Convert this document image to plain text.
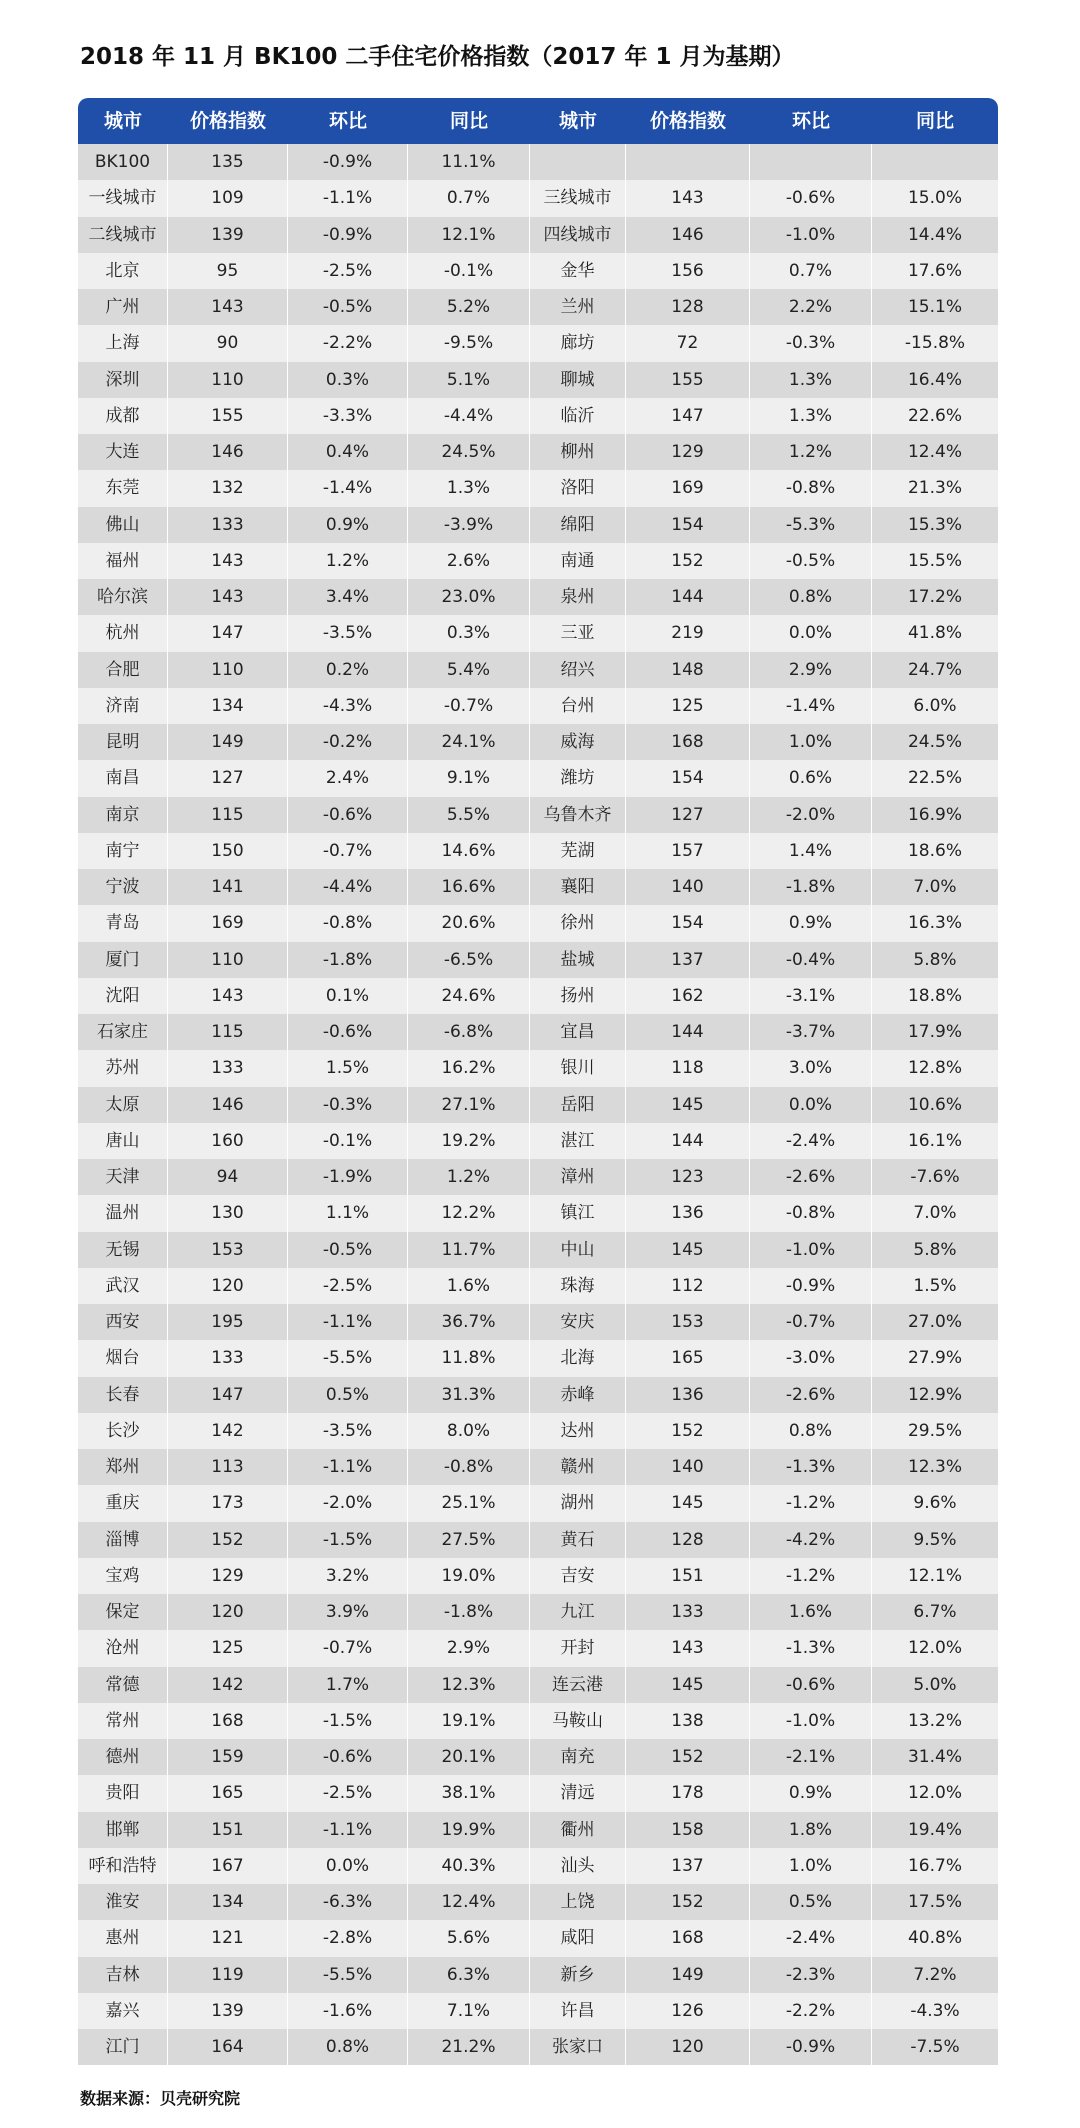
2018 年 11 月 BK100 二手住宅价格指数（2017 年 1 月为基期）
城市	价格指数	环比	同比	城市	价格指数	环比	同比
BK100	135	-0.9%	11.1%
一线城市	109	-1.1%	0.7%	三线城市	143	-0.6%	15.0%
二线城市	139	-0.9%	12.1%	四线城市	146	-1.0%	14.4%
北京	95	-2.5%	-0.1%	金华	156	0.7%	17.6%
广州	143	-0.5%	5.2%	兰州	128	2.2%	15.1%
上海	90	-2.2%	-9.5%	廊坊	72	-0.3%	-15.8%
深圳	110	0.3%	5.1%	聊城	155	1.3%	16.4%
成都	155	-3.3%	-4.4%	临沂	147	1.3%	22.6%
大连	146	0.4%	24.5%	柳州	129	1.2%	12.4%
东莞	132	-1.4%	1.3%	洛阳	169	-0.8%	21.3%
佛山	133	0.9%	-3.9%	绵阳	154	-5.3%	15.3%
福州	143	1.2%	2.6%	南通	152	-0.5%	15.5%
哈尔滨	143	3.4%	23.0%	泉州	144	0.8%	17.2%
杭州	147	-3.5%	0.3%	三亚	219	0.0%	41.8%
合肥	110	0.2%	5.4%	绍兴	148	2.9%	24.7%
济南	134	-4.3%	-0.7%	台州	125	-1.4%	6.0%
昆明	149	-0.2%	24.1%	威海	168	1.0%	24.5%
南昌	127	2.4%	9.1%	潍坊	154	0.6%	22.5%
南京	115	-0.6%	5.5%	乌鲁木齐	127	-2.0%	16.9%
南宁	150	-0.7%	14.6%	芜湖	157	1.4%	18.6%
宁波	141	-4.4%	16.6%	襄阳	140	-1.8%	7.0%
青岛	169	-0.8%	20.6%	徐州	154	0.9%	16.3%
厦门	110	-1.8%	-6.5%	盐城	137	-0.4%	5.8%
沈阳	143	0.1%	24.6%	扬州	162	-3.1%	18.8%
石家庄	115	-0.6%	-6.8%	宜昌	144	-3.7%	17.9%
苏州	133	1.5%	16.2%	银川	118	3.0%	12.8%
太原	146	-0.3%	27.1%	岳阳	145	0.0%	10.6%
唐山	160	-0.1%	19.2%	湛江	144	-2.4%	16.1%
天津	94	-1.9%	1.2%	漳州	123	-2.6%	-7.6%
温州	130	1.1%	12.2%	镇江	136	-0.8%	7.0%
无锡	153	-0.5%	11.7%	中山	145	-1.0%	5.8%
武汉	120	-2.5%	1.6%	珠海	112	-0.9%	1.5%
西安	195	-1.1%	36.7%	安庆	153	-0.7%	27.0%
烟台	133	-5.5%	11.8%	北海	165	-3.0%	27.9%
长春	147	0.5%	31.3%	赤峰	136	-2.6%	12.9%
长沙	142	-3.5%	8.0%	达州	152	0.8%	29.5%
郑州	113	-1.1%	-0.8%	赣州	140	-1.3%	12.3%
重庆	173	-2.0%	25.1%	湖州	145	-1.2%	9.6%
淄博	152	-1.5%	27.5%	黄石	128	-4.2%	9.5%
宝鸡	129	3.2%	19.0%	吉安	151	-1.2%	12.1%
保定	120	3.9%	-1.8%	九江	133	1.6%	6.7%
沧州	125	-0.7%	2.9%	开封	143	-1.3%	12.0%
常德	142	1.7%	12.3%	连云港	145	-0.6%	5.0%
常州	168	-1.5%	19.1%	马鞍山	138	-1.0%	13.2%
德州	159	-0.6%	20.1%	南充	152	-2.1%	31.4%
贵阳	165	-2.5%	38.1%	清远	178	0.9%	12.0%
邯郸	151	-1.1%	19.9%	衢州	158	1.8%	19.4%
呼和浩特	167	0.0%	40.3%	汕头	137	1.0%	16.7%
淮安	134	-6.3%	12.4%	上饶	152	0.5%	17.5%
惠州	121	-2.8%	5.6%	咸阳	168	-2.4%	40.8%
吉林	119	-5.5%	6.3%	新乡	149	-2.3%	7.2%
嘉兴	139	-1.6%	7.1%	许昌	126	-2.2%	-4.3%
江门	164	0.8%	21.2%	张家口	120	-0.9%	-7.5%
数据来源：贝壳研究院
